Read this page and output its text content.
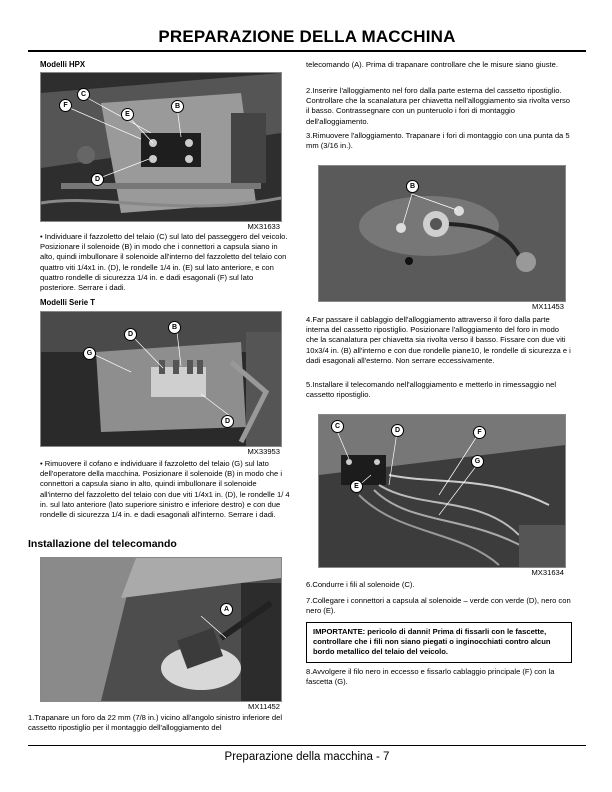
PREPARAZIONE DELLA MACCHINA
Modelli HPX
C
F
E
B
D
MX31633

• Individuare il fazzoletto del telaio (C) sul lato del passeggero del veicolo. Posizionare il solenoide (B) in modo che i connettori a capsula siano in alto, quindi imbullonare il solenoide all'interno del fazzoletto del telaio con quattro viti 1/4x1 in. (D), le rondelle 1/4 in. (E) sul lato anteriore, e con quattro rondelle di sicurezza 1/4 in. e dadi esagonali (F) sul lato posteriore. Serrare i dadi.

Modelli Serie T
D
B
G
D
MX33953

• Rimuovere il cofano e individuare il fazzoletto del telaio (G) sul lato dell'operatore della macchina. Posizionare il solenoide (B) in modo che i connettori a capsula siano in alto, quindi imbullonare il solenoide all'interno del fazzoletto del telaio con due viti 1/4x1 in. (D), le rondelle 1/ 4 in. sul lato anteriore (lato superiore sinistro e inferiore destro) e con due rondelle di sicurezza 1/4 in. e dadi esagonali all'interno. Serrare i dadi.

Installazione del telecomando
A
MX11452

1.Trapanare un foro da 22 mm (7/8 in.) vicino all'angolo sinistro inferiore del cassetto ripostiglio per il montaggio dell'alloggiamento del

telecomando (A). Prima di trapanare controllare che le misure siano giuste.

2.Inserire l'alloggiamento nel foro dalla parte esterna del cassetto ripostiglio. Controllare che la scanalatura per chiavetta nell'alloggiamento sia rivolta verso il basso. Contrassegnare con un punteruolo i fori di montaggio dell'alloggiamento.

3.Rimuovere l'alloggiamento. Trapanare i fori di montaggio con una punta da 5 mm (3/16 in.).

B
MX11453

4.Far passare il cablaggio dell'alloggiamento attraverso il foro dalla parte interna del cassetto ripostiglio. Posizionare l'alloggiamento del foro in modo che la scanalatura per chiavetta sia rivolta verso il basso. Fissare con due viti 10x3/4 in. (B) all'interno e con due rondelle piane10, le rondelle di sicurezza e i dadi esagonali all'esterno. Non serrare eccessivamente.

5.Installare il telecomando nell'alloggiamento e metterlo in rimessaggio nel cassetto ripostiglio.

C
D	F
G
E
MX31634

6.Condurre i fili al solenoide (C).

7.Collegare i connettori a capsula al solenoide – verde con verde (D), nero con nero (E).

IMPORTANTE: pericolo di danni! Prima di fissarli con le fascette, controllare che i fili non siano piegati o inginocchiati contro alcun bordo metallico del telaio del veicolo.

8.Avvolgere il filo nero in eccesso e fissarlo cablaggio principale (F) con la fascetta (G).

Preparazione della macchina - 7
